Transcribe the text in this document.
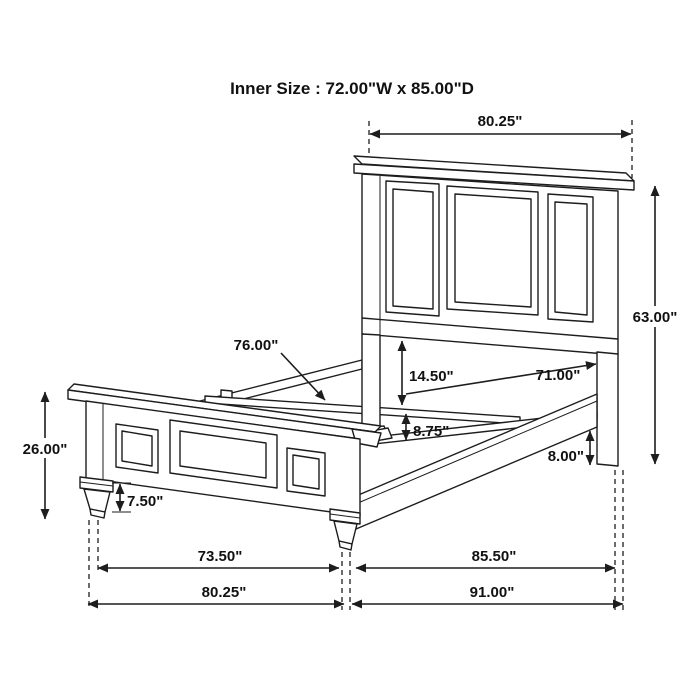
Inner Size : 72.00"W x 85.00"D
80.25"
63.00"
76.00"
14.50"	71.00"
8.75"
8.00"
26.00"
7.50"
73.50"	85.50"
80.25"	91.00"
